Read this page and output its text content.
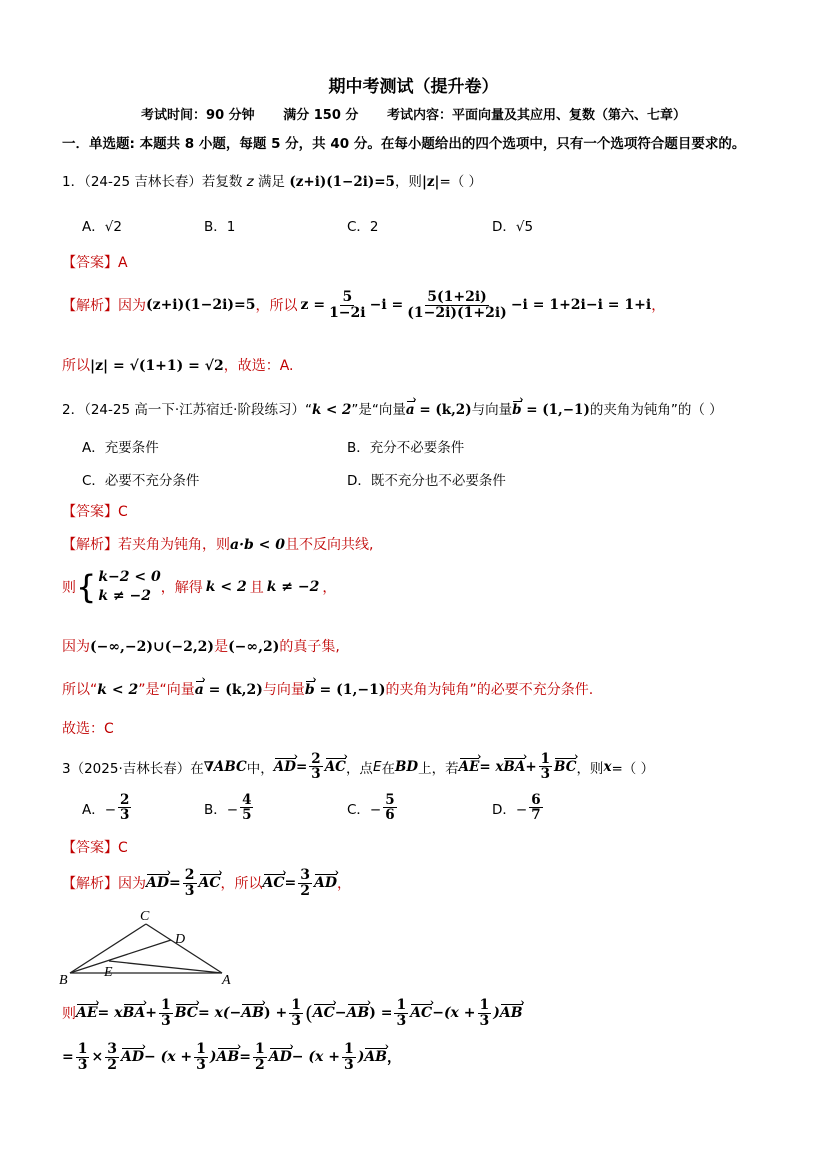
期中考测试（提升卷）
考试时间：90 分钟 满分 150 分 考试内容：平面向量及其应用、复数（第六、七章）
一．单选题: 本题共 8 小题，每题 5 分，共 40 分。在每小题给出的四个选项中，只有一个选项符合题目要求的。
1．（24-25 吉林长春）若复数 z 满足 (z+i)(1−2i)=5，则|z|=（ ）
A．√2	B．1	C．2	D．√5
【答案】A
【解析】 因为 (z+i)(1−2i)=5 ，所以 $z = \frac{5}{1-2i} -i = \frac{5(1+2i)}{(1-2i)(1+2i)} -i = 1+2i-i = 1+i$ ，
所以|z| = √(1+1) = √2，故选：A.
2．（24-25 高一下·江苏宿迁·阶段练习）“k < 2”是“向量a › = (k,2)与向量b › = (1,−1)的夹角为钝角”的（ ）
A．充要条件	B．充分不必要条件
C．必要不充分条件	D．既不充分也不必要条件
【答案】C
【解析】若夹角为钝角，则a·b < 0且不反向共线,
则 { k−2 < 0
k ≠ −2 ，解得 k < 2 且 k ≠ −2 ，
因为(−∞,−2)∪(−2,2)是(−∞,2)的真子集,
所以“k < 2”是“向量a › = (k,2)与向量b › = (1,−1)的夹角为钝角”的必要不充分条件.
故选：C
3（2025·吉林长春）在 ∇ABC 中， AD › = $\frac{2}{3}$ AC › ，点 E 在 BD 上，若 AE › = x BA › + $\frac{1}{3}$ BC › ，则 x =（ ）
A．− $\frac{2}{3}$	B．− $\frac{4}{5}$	C．− $\frac{5}{6}$	D．− $\frac{6}{7}$
【答案】C
【解析】 因为 AD › = $\frac{2}{3}$ AC › ，所以 AC › = $\frac{3}{2}$ AD › ，
C
D
B
E
A
则 AE › = x BA › + $\frac{1}{3}$ BC › = x(− AB › ) + $\frac{1}{3}$ ( AC › − AB › ) = $\frac{1}{3}$ AC › − ($x + \frac{1}{3}$ ) AB ›
= $\frac{1}{3} \times \frac{3}{2}$ AD › − ($x + \frac{1}{3}$ ) AB › = $\frac{1}{2}$ AD › − ($x + \frac{1}{3}$ ) AB › ，
